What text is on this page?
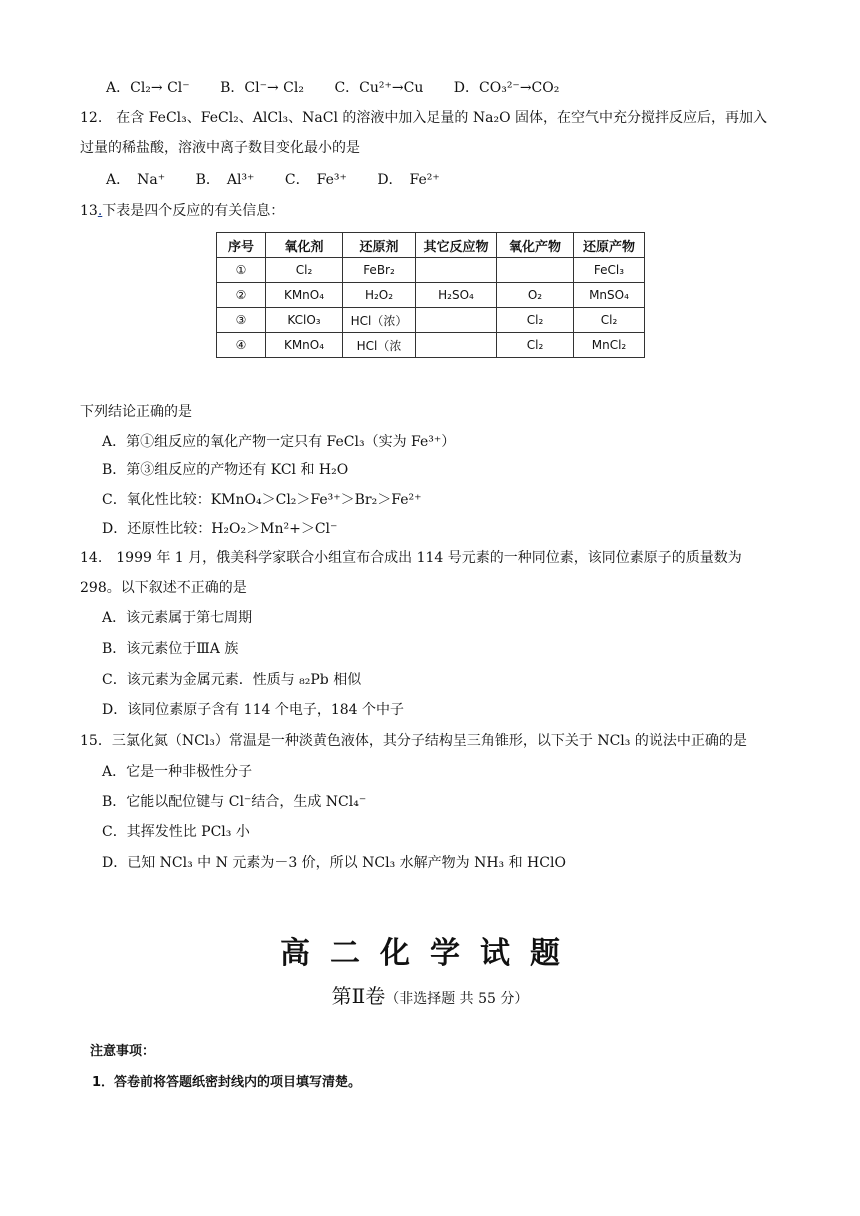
A．Cl₂→ Cl⁻ B．Cl⁻→ Cl₂ C．Cu²⁺→Cu D．CO₃²⁻→CO₂
12.　在含 FeCl₃、FeCl₂、AlCl₃、NaCl 的溶液中加入足量的 Na₂O 固体，在空气中充分搅拌反应后，再加入
过量的稀盐酸，溶液中离子数目变化最小的是
A．　Na⁺ B．　Al³⁺ C．　Fe³⁺ D．　Fe²⁺
13.下表是四个反应的有关信息：
序号	氧化剂	还原剂	其它反应物	氧化产物	还原产物
①	Cl₂	FeBr₂			FeCl₃
②	KMnO₄	H₂O₂	H₂SO₄	O₂	MnSO₄
③	KClO₃	HCl（浓）		Cl₂	Cl₂
④	KMnO₄	HCl（浓		Cl₂	MnCl₂
下列结论正确的是
A．第①组反应的氧化产物一定只有 FeCl₃（实为 Fe³⁺）
B．第③组反应的产物还有 KCl 和 H₂O
C．氧化性比较：KMnO₄＞Cl₂＞Fe³⁺＞Br₂＞Fe²⁺
D．还原性比较：H₂O₂＞Mn²+＞Cl⁻
14.　1999 年 1 月，俄美科学家联合小组宣布合成出 114 号元素的一种同位素，该同位素原子的质量数为
298。以下叙述不正确的是
A．该元素属于第七周期
B．该元素位于ⅢA 族
C．该元素为金属元素．性质与 ₈₂Pb 相似
D．该同位素原子含有 114 个电子，184 个中子
15．三氯化氮（NCl₃）常温是一种淡黄色液体，其分子结构呈三角锥形，以下关于 NCl₃ 的说法中正确的是
A．它是一种非极性分子
B．它能以配位键与 Cl⁻结合，生成 NCl₄⁻
C．其挥发性比 PCl₃ 小
D．已知 NCl₃ 中 N 元素为－3 价，所以 NCl₃ 水解产物为 NH₃ 和 HClO
高二化学试题
第Ⅱ卷（非选择题 共 55 分）
注意事项：
1．答卷前将答题纸密封线内的项目填写清楚。
